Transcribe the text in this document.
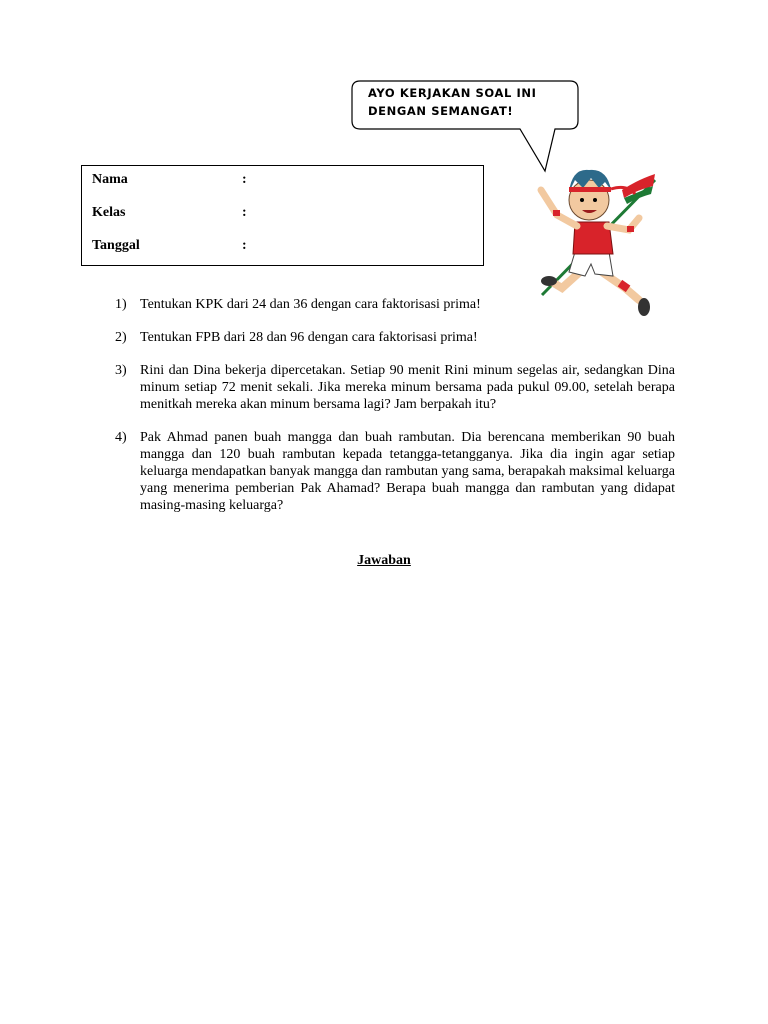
AYO KERJAKAN SOAL INI
DENGAN SEMANGAT!
Nama	:
Kelas	:
Tanggal	:
1) Tentukan KPK dari 24 dan 36 dengan cara faktorisasi prima!
2) Tentukan FPB dari 28 dan 96 dengan cara faktorisasi prima!
3) Rini dan Dina bekerja dipercetakan. Setiap 90 menit Rini minum segelas air, sedangkan Dina minum setiap 72 menit sekali. Jika mereka minum bersama pada pukul 09.00, setelah berapa menitkah mereka akan minum bersama lagi? Jam berpakah itu?
4) Pak Ahmad panen buah mangga dan buah rambutan. Dia berencana memberikan 90 buah mangga dan 120 buah rambutan kepada tetangga-tetangganya. Jika dia ingin agar setiap keluarga mendapatkan banyak mangga dan rambutan yang sama, berapakah maksimal keluarga yang menerima pemberian Pak Ahamad? Berapa buah mangga dan rambutan yang didapat masing-masing keluarga?
Jawaban
